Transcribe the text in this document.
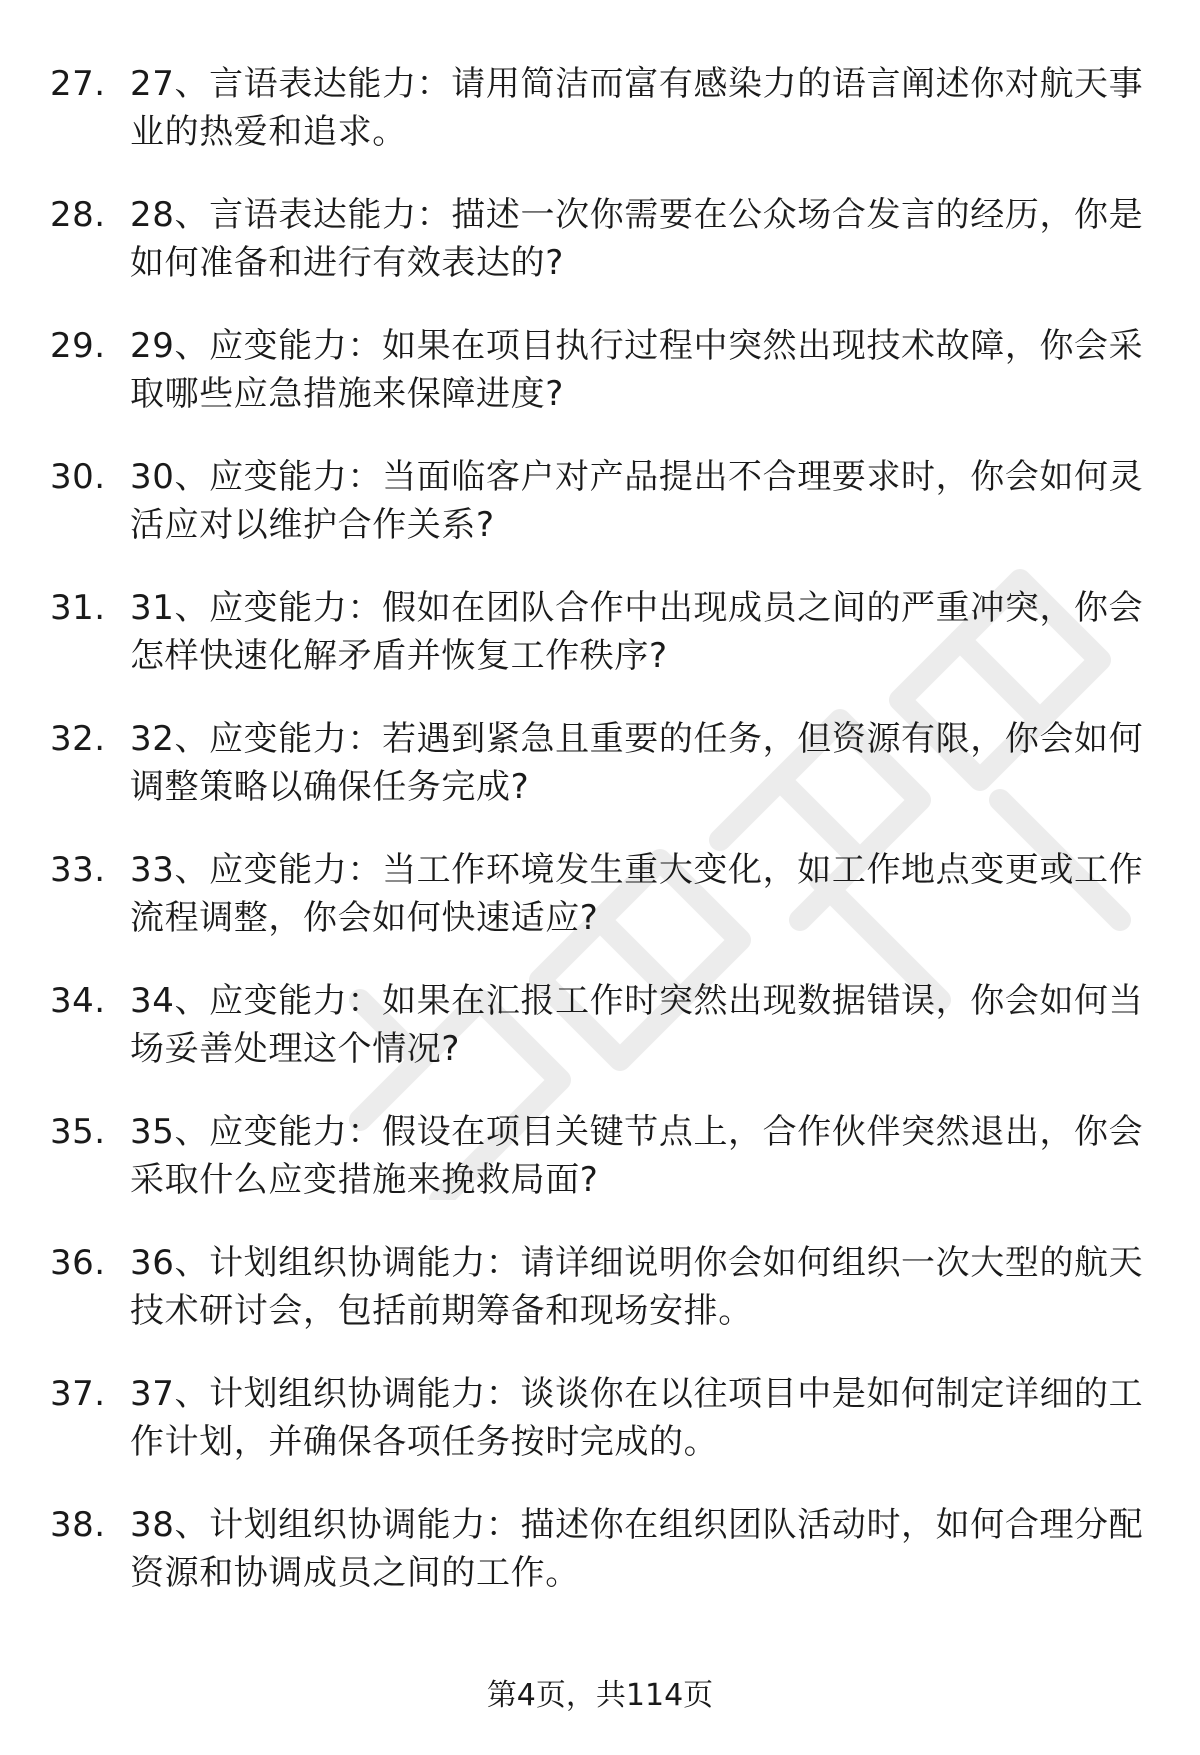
27. 27、言语表达能力：请用简洁而富有感染力的语言阐述你对航天事业的热爱和追求。
28. 28、言语表达能力：描述一次你需要在公众场合发言的经历，你是如何准备和进行有效表达的?
29. 29、应变能力：如果在项目执行过程中突然出现技术故障，你会采取哪些应急措施来保障进度?
30. 30、应变能力：当面临客户对产品提出不合理要求时，你会如何灵活应对以维护合作关系?
31. 31、应变能力：假如在团队合作中出现成员之间的严重冲突，你会怎样快速化解矛盾并恢复工作秩序?
32. 32、应变能力：若遇到紧急且重要的任务，但资源有限，你会如何调整策略以确保任务完成?
33. 33、应变能力：当工作环境发生重大变化，如工作地点变更或工作流程调整，你会如何快速适应?
34. 34、应变能力：如果在汇报工作时突然出现数据错误，你会如何当场妥善处理这个情况?
35. 35、应变能力：假设在项目关键节点上，合作伙伴突然退出，你会采取什么应变措施来挽救局面?
36. 36、计划组织协调能力：请详细说明你会如何组织一次大型的航天技术研讨会，包括前期筹备和现场安排。
37. 37、计划组织协调能力：谈谈你在以往项目中是如何制定详细的工作计划，并确保各项任务按时完成的。
38. 38、计划组织协调能力：描述你在组织团队活动时，如何合理分配资源和协调成员之间的工作。
第4页，共114页
